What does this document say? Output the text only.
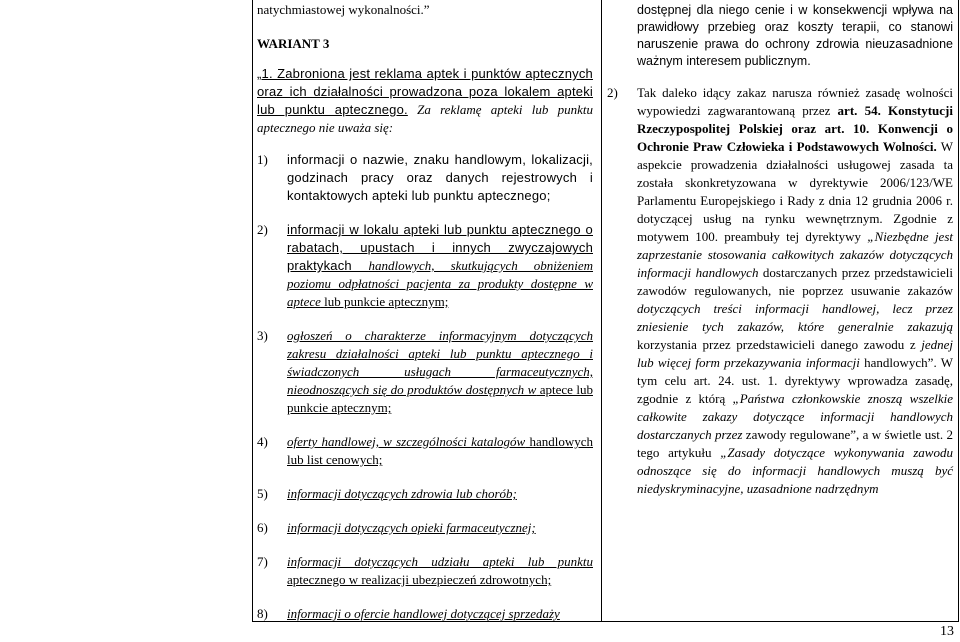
natychmiastowej wykonalności.”

WARIANT 3

„1. Zabroniona jest reklama aptek i punktów aptecznych oraz ich działalności prowadzona poza lokalem apteki lub punktu aptecznego. Za reklamę apteki lub punktu aptecznego nie uważa się:

1)	informacji o nazwie, znaku handlowym, lokalizacji, godzinach pracy oraz danych rejestrowych i kontaktowych apteki lub punktu aptecznego;
2)	informacji w lokalu apteki lub punktu aptecznego o rabatach, upustach i innych zwyczajowych praktykach handlowych, skutkujących obniżeniem poziomu odpłatności pacjenta za produkty dostępne w aptece lub punkcie aptecznym;
3)	ogłoszeń o charakterze informacyjnym dotyczących zakresu działalności apteki lub punktu aptecznego i świadczonych usługach farmaceutycznych, nieodnoszących się do produktów dostępnych w aptece lub punkcie aptecznym;
4)	oferty handlowej, w szczególności katalogów handlowych lub list cenowych;
5)	informacji dotyczących zdrowia lub chorób;
6)	informacji dotyczących opieki farmaceutycznej;
7)	informacji dotyczących udziału apteki lub punktu aptecznego w realizacji ubezpieczeń zdrowotnych;
8)	informacji o ofercie handlowej dotyczącej sprzedaży

dostępnej dla niego cenie i w konsekwencji wpływa na prawidłowy przebieg oraz koszty terapii, co stanowi naruszenie prawa do ochrony zdrowia nieuzasadnione ważnym interesem publicznym.

2)	Tak daleko idący zakaz narusza również zasadę wolności wypowiedzi zagwarantowaną przez art. 54. Konstytucji Rzeczypospolitej Polskiej oraz art. 10. Konwencji o Ochronie Praw Człowieka i Podstawowych Wolności. W aspekcie prowadzenia działalności usługowej zasada ta została skonkretyzowana w dyrektywie 2006/123/WE Parlamentu Europejskiego i Rady z dnia 12 grudnia 2006 r. dotyczącej usług na rynku wewnętrznym. Zgodnie z motywem 100. preambuły tej dyrektywy „Niezbędne jest zaprzestanie stosowania całkowitych zakazów dotyczących informacji handlowych dostarczanych przez przedstawicieli zawodów regulowanych, nie poprzez usuwanie zakazów dotyczących treści informacji handlowej, lecz przez zniesienie tych zakazów, które generalnie zakazują korzystania przez przedstawicieli danego zawodu z jednej lub więcej form przekazywania informacji handlowych”. W tym celu art. 24. ust. 1. dyrektywy wprowadza zasadę, zgodnie z którą „Państwa członkowskie znoszą wszelkie całkowite zakazy dotyczące informacji handlowych dostarczanych przez zawody regulowane”, a w świetle ust. 2 tego artykułu „Zasady dotyczące wykonywania zawodu odnoszące się do informacji handlowych muszą być niedyskryminacyjne, uzasadnione nadrzędnym
13
